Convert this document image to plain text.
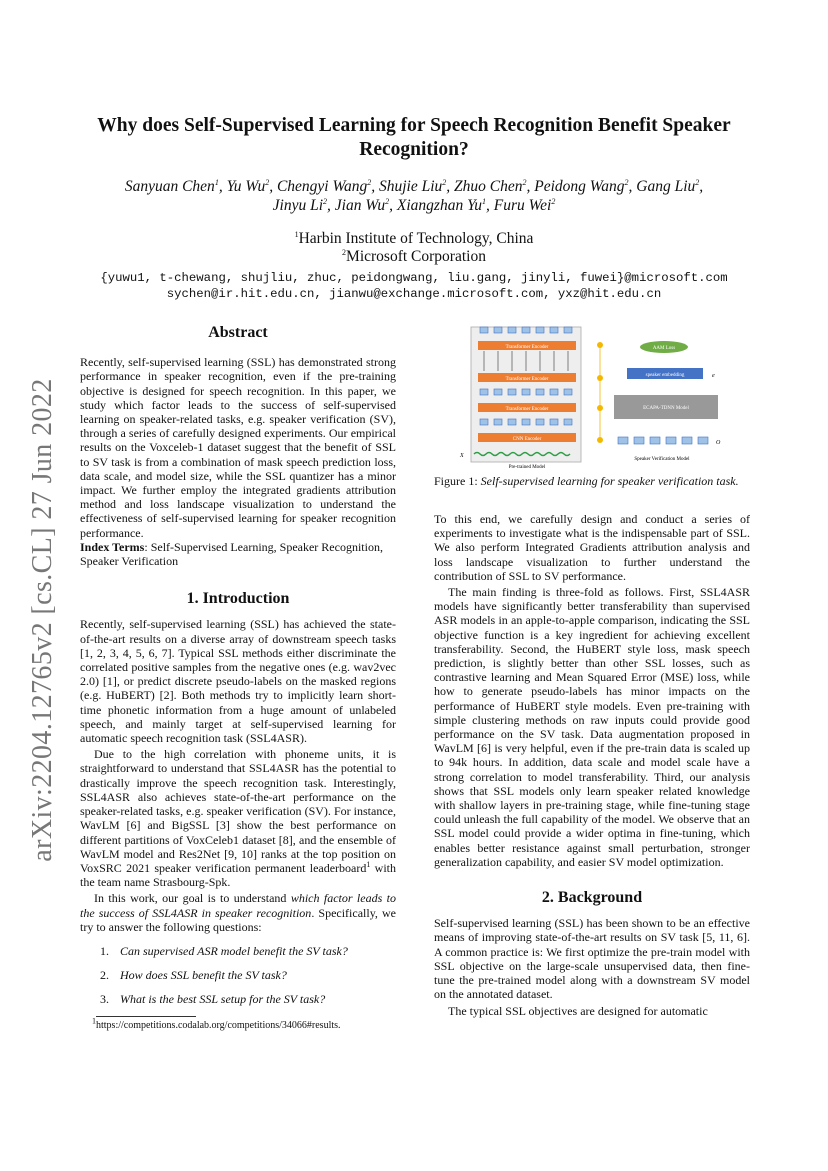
arXiv:2204.12765v2 [cs.CL] 27 Jun 2022
Why does Self-Supervised Learning for Speech Recognition Benefit Speaker
Recognition?
Sanyuan Chen$^1$, Yu Wu$^2$, Chengyi Wang$^2$, Shujie Liu$^2$, Zhuo Chen$^2$, Peidong Wang$^2$, Gang Liu$^2$,
Jinyu Li$^2$, Jian Wu$^2$, Xiangzhan Yu$^1$, Furu Wei$^2$
$^1$Harbin Institute of Technology, China
$^2$Microsoft Corporation
{yuwu1, t-chewang, shujliu, zhuc, peidongwang, liu.gang, jinyli, fuwei}@microsoft.com
sychen@ir.hit.edu.cn, jianwu@exchange.microsoft.com, yxz@hit.edu.cn
Abstract

Recently, self-supervised learning (SSL) has demonstrated strong performance in speaker recognition, even if the pre-training objective is designed for speech recognition. In this paper, we study which factor leads to the success of self-supervised learning on speaker-related tasks, e.g. speaker verification (SV), through a series of carefully designed experiments. Our empirical results on the Voxceleb-1 dataset suggest that the benefit of SSL to SV task is from a combination of mask speech prediction loss, data scale, and model size, while the SSL quantizer has a minor impact. We further employ the integrated gradients attribution method and loss landscape visualization to understand the effectiveness of self-supervised learning for speaker recognition performance.

Index Terms: Self-Supervised Learning, Speaker Recognition, Speaker Verification

1. Introduction

Recently, self-supervised learning (SSL) has achieved the state-of-the-art results on a diverse array of downstream speech tasks [1, 2, 3, 4, 5, 6, 7]. Typical SSL methods either discriminate the correlated positive samples from the negative ones (e.g. wav2vec 2.0) [1], or predict discrete pseudo-labels on the masked regions (e.g. HuBERT) [2]. Both methods try to implicitly learn short-time phonetic information from a huge amount of unlabeled speech, and mainly target at self-supervised learning for automatic speech recognition task (SSL4ASR).

Due to the high correlation with phoneme units, it is straightforward to understand that SSL4ASR has the potential to drastically improve the speech recognition task. Interestingly, SSL4ASR also achieves state-of-the-art performance on the speaker-related tasks, e.g. speaker verification (SV). For instance, WavLM [6] and BigSSL [3] show the best performance on different partitions of VoxCeleb1 dataset [8], and the ensemble of WavLM model and Res2Net [9, 10] ranks at the top position on VoxSRC 2021 speaker verification permanent leaderboard$^1$ with the team name Strasbourg-Spk.

In this work, our goal is to understand which factor leads to the success of SSL4ASR in speaker recognition. Specifically, we try to answer the following questions:

1. Can supervised ASR model benefit the SV task?
2. How does SSL benefit the SV task?
3. What is the best SSL setup for the SV task?
$^1$https://competitions.codalab.org/competitions/34066#results.
Transformer Encoder
Transformer Encoder
Transformer Encoder
CNN Encoder
AAM Loss
speaker embedding	e
ECAPA-TDNN Model
O
Pre-trained Model
Speaker Verification Model
X
Figure 1: Self-supervised learning for speaker verification task.

To this end, we carefully design and conduct a series of experiments to investigate what is the indispensable part of SSL. We also perform Integrated Gradients attribution analysis and loss landscape visualization to further understand the contribution of SSL to SV performance.

The main finding is three-fold as follows. First, SSL4ASR models have significantly better transferability than supervised ASR models in an apple-to-apple comparison, indicating the SSL objective function is a key ingredient for achieving excellent transferability. Second, the HuBERT style loss, mask speech prediction, is slightly better than other SSL losses, such as contrastive learning and Mean Squared Error (MSE) loss, while how to generate pseudo-labels has minor impacts on the performance of HuBERT style models. Even pre-training with simple clustering methods on raw inputs could provide good performance on the SV task. Data augmentation proposed in WavLM [6] is very helpful, even if the pre-train data is scaled up to 94k hours. In addition, data scale and model scale have a strong correlation to model transferability. Third, our analysis shows that SSL models only learn speaker related knowledge with shallow layers in pre-training stage, while fine-tuning stage could unleash the full capability of the model. We observe that an SSL model could provide a wider optima in fine-tuning, which enables better resistance against small perturbation, stronger generalization capability, and easier SV model optimization.

2. Background

Self-supervised learning (SSL) has been shown to be an effective means of improving state-of-the-art results on SV task [5, 11, 6]. A common practice is: We first optimize the pre-train model with SSL objective on the large-scale unsupervised data, then fine-tune the pre-trained model along with a downstream SV model on the annotated dataset.

The typical SSL objectives are designed for automatic
